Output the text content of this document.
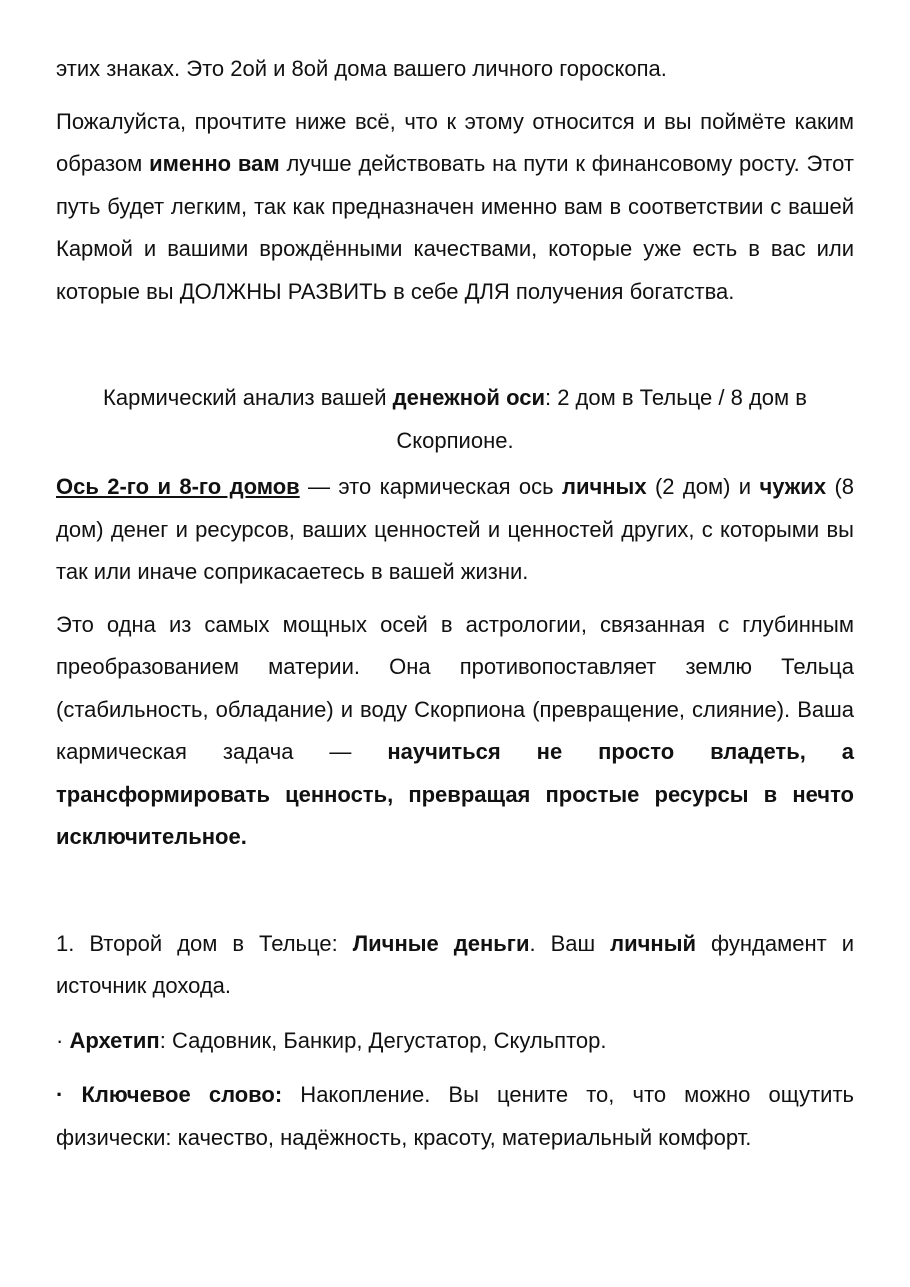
этих знаках. Это 2ой и 8ой дома вашего личного гороскопа.

Пожалуйста, прочтите ниже всё, что к этому относится и вы поймёте каким образом именно вам лучше действовать на пути к финансовому росту. Этот путь будет легким, так как предназначен именно вам в соответствии с вашей Кармой и вашими врождёнными качествами, которые уже есть в вас или которые вы ДОЛЖНЫ РАЗВИТЬ в себе ДЛЯ получения богатства.

Кармический анализ вашей денежной оси: 2 дом в Тельце / 8 дом в Скорпионе.

Ось 2-го и 8-го домов — это кармическая ось личных (2 дом) и чужих (8 дом) денег и ресурсов, ваших ценностей и ценностей других, с которыми вы так или иначе соприкасаетесь в вашей жизни.

Это одна из самых мощных осей в астрологии, связанная с глубинным преобразованием материи. Она противопоставляет землю Тельца (стабильность, обладание) и воду Скорпиона (превращение, слияние). Ваша кармическая задача — научиться не просто владеть, а трансформировать ценность, превращая простые ресурсы в нечто исключительное.

1. Второй дом в Тельце: Личные деньги. Ваш личный фундамент и источник дохода.

· Архетип: Садовник, Банкир, Дегустатор, Скульптор.

· Ключевое слово: Накопление. Вы цените то, что можно ощутить физически: качество, надёжность, красоту, материальный комфорт.
